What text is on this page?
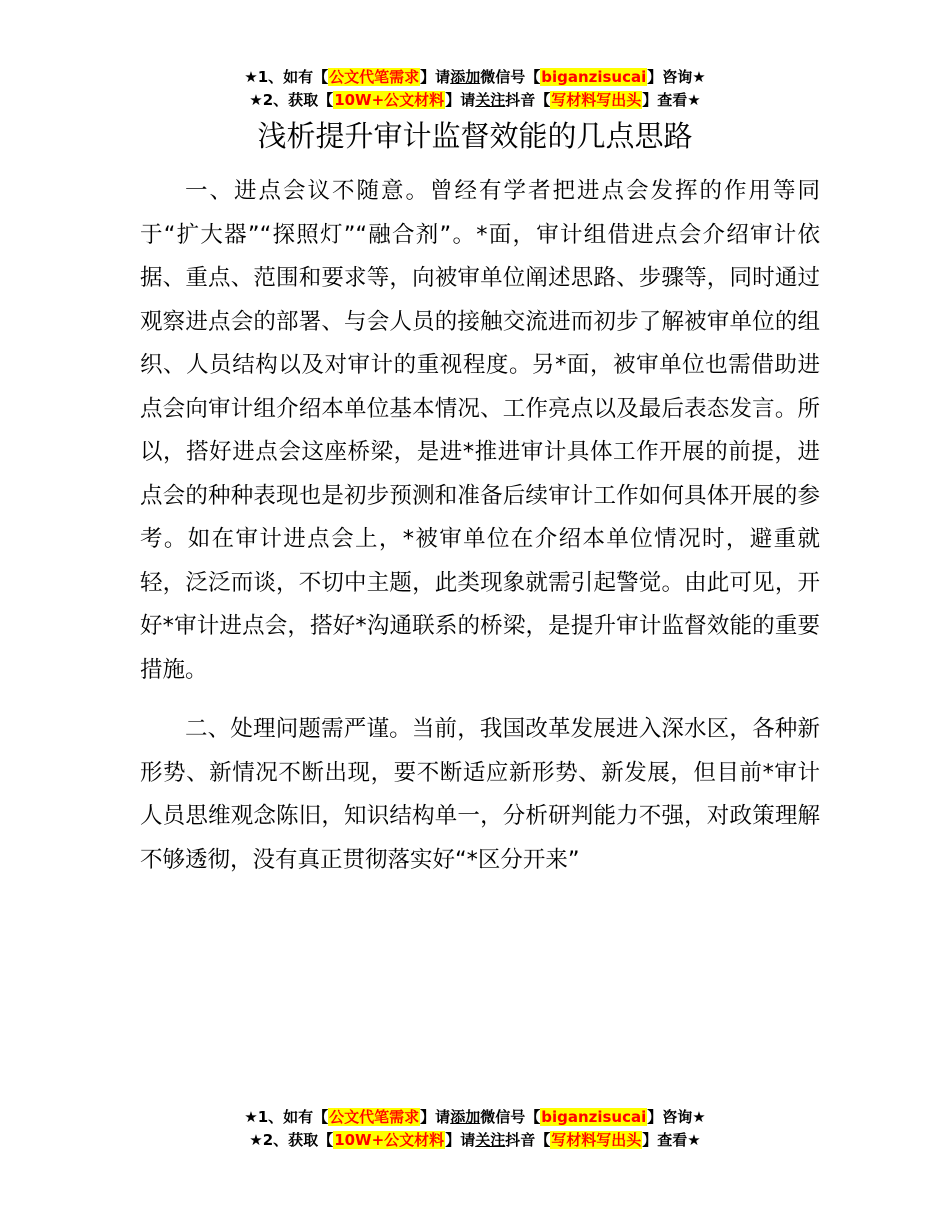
★1、如有【公文代笔需求】请添加微信号【biganzisucai】咨询★
★2、获取【10W+公文材料】请关注抖音【写材料写出头】查看★
浅析提升审计监督效能的几点思路

一、进点会议不随意。曾经有学者把进点会发挥的作用等同于“扩大器”“探照灯”“融合剂”。*面，审计组借进点会介绍审计依据、重点、范围和要求等，向被审单位阐述思路、步骤等，同时通过观察进点会的部署、与会人员的接触交流进而初步了解被审单位的组织、人员结构以及对审计的重视程度。另*面，被审单位也需借助进点会向审计组介绍本单位基本情况、工作亮点以及最后表态发言。所以，搭好进点会这座桥梁，是进*推进审计具体工作开展的前提，进点会的种种表现也是初步预测和准备后续审计工作如何具体开展的参考。如在审计进点会上，*被审单位在介绍本单位情况时，避重就轻，泛泛而谈，不切中主题，此类现象就需引起警觉。由此可见，开好*审计进点会，搭好*沟通联系的桥梁，是提升审计监督效能的重要措施。

二、处理问题需严谨。当前，我国改革发展进入深水区，各种新形势、新情况不断出现，要不断适应新形势、新发展，但目前*审计人员思维观念陈旧，知识结构单一，分析研判能力不强，对政策理解不够透彻，没有真正贯彻落实好“*区分开来”

★1、如有【公文代笔需求】请添加微信号【biganzisucai】咨询★
★2、获取【10W+公文材料】请关注抖音【写材料写出头】查看★
